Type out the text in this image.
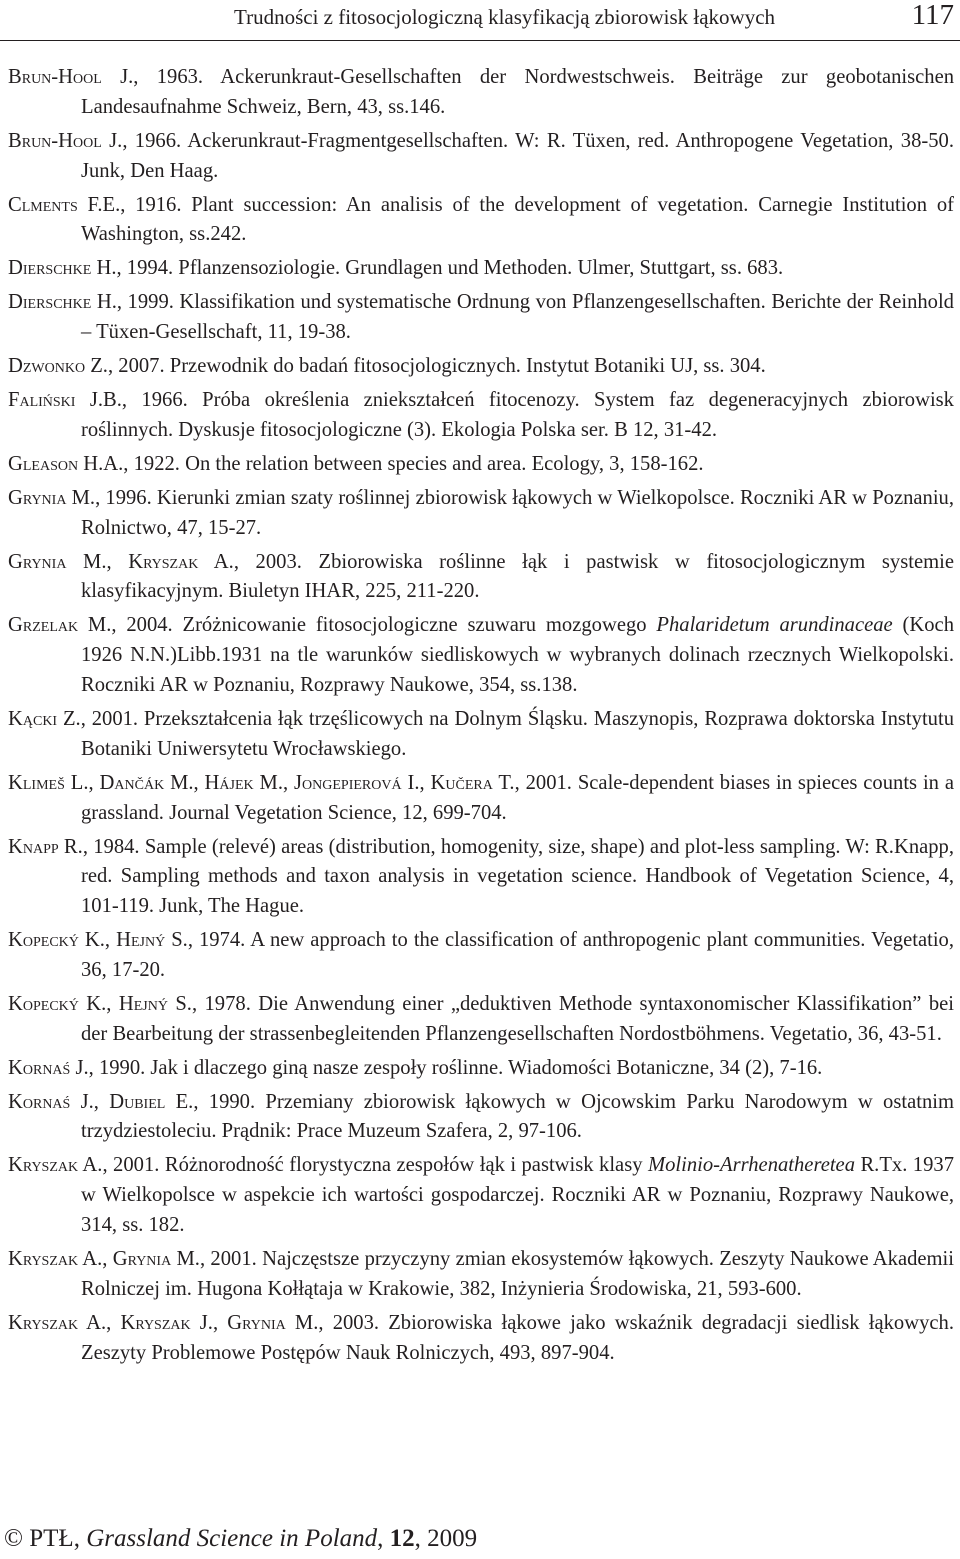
Trudności z fitosocjologiczną klasyfikacją zbiorowisk łąkowych	117
Brun-Hool J., 1963. Ackerunkraut-Gesellschaften der Nordwestschweis. Beiträge zur geobotanischen Landesaufnahme Schweiz, Bern, 43, ss.146.
Brun-Hool J., 1966. Ackerunkraut-Fragmentgesellschaften. W: R. Tüxen, red. Anthropogene Vegetation, 38-50. Junk, Den Haag.
Clments F.E., 1916. Plant succession: An analisis of the development of vegetation. Carnegie Institution of Washington, ss.242.
Dierschke H., 1994. Pflanzensoziologie. Grundlagen und Methoden. Ulmer, Stuttgart, ss. 683.
Dierschke H., 1999. Klassifikation und systematische Ordnung von Pflanzengesellschaften. Berichte der Reinhold – Tüxen-Gesellschaft, 11, 19-38.
Dzwonko Z., 2007. Przewodnik do badań fitosocjologicznych. Instytut Botaniki UJ, ss. 304.
Faliński J.B., 1966. Próba określenia zniekształceń fitocenozy. System faz degeneracyjnych zbiorowisk roślinnych. Dyskusje fitosocjologiczne (3). Ekologia Polska ser. B 12, 31-42.
Gleason H.A., 1922. On the relation between species and area. Ecology, 3, 158-162.
Grynia M., 1996. Kierunki zmian szaty roślinnej zbiorowisk łąkowych w Wielkopolsce. Roczniki AR w Poznaniu, Rolnictwo, 47, 15-27.
Grynia M., Kryszak A., 2003. Zbiorowiska roślinne łąk i pastwisk w fitosocjologicznym systemie klasyfikacyjnym. Biuletyn IHAR, 225, 211-220.
Grzelak M., 2004. Zróżnicowanie fitosocjologiczne szuwaru mozgowego Phalaridetum arundinaceae (Koch 1926 N.N.)Libb.1931 na tle warunków siedliskowych w wybranych dolinach rzecznych Wielkopolski. Roczniki AR w Poznaniu, Rozprawy Naukowe, 354, ss.138.
Kącki Z., 2001. Przekształcenia łąk trzęślicowych na Dolnym Śląsku. Maszynopis, Rozprawa doktorska Instytutu Botaniki Uniwersytetu Wrocławskiego.
Klimeš L., Dančák M., Hájek M., Jongepierová I., Kučera T., 2001. Scale-dependent biases in spieces counts in a grassland. Journal Vegetation Science, 12, 699-704.
Knapp R., 1984. Sample (relevé) areas (distribution, homogenity, size, shape) and plot-less sampling. W: R.Knapp, red. Sampling methods and taxon analysis in vegetation science. Handbook of Vegetation Science, 4, 101-119. Junk, The Hague.
Kopecký K., Hejný S., 1974. A new approach to the classification of anthropogenic plant communities. Vegetatio, 36, 17-20.
Kopecký K., Hejný S., 1978. Die Anwendung einer „deduktiven Methode syntaxonomischer Klassifikation” bei der Bearbeitung der strassenbegleitenden Pflanzengesellschaften Nordostböhmens. Vegetatio, 36, 43-51.
Kornaś J., 1990. Jak i dlaczego giną nasze zespoły roślinne. Wiadomości Botaniczne, 34 (2), 7-16.
Kornaś J., Dubiel E., 1990. Przemiany zbiorowisk łąkowych w Ojcowskim Parku Narodowym w ostatnim trzydziestoleciu. Prądnik: Prace Muzeum Szafera, 2, 97-106.
Kryszak A., 2001. Różnorodność florystyczna zespołów łąk i pastwisk klasy Molinio-Arrhenatheretea R.Tx. 1937 w Wielkopolsce w aspekcie ich wartości gospodarczej. Roczniki AR w Poznaniu, Rozprawy Naukowe, 314, ss. 182.
Kryszak A., Grynia M., 2001. Najczęstsze przyczyny zmian ekosystemów łąkowych. Zeszyty Naukowe Akademii Rolniczej im. Hugona Kołłątaja w Krakowie, 382, Inżynieria Środowiska, 21, 593-600.
Kryszak A., Kryszak J., Grynia M., 2003. Zbiorowiska łąkowe jako wskaźnik degradacji siedlisk łąkowych. Zeszyty Problemowe Postępów Nauk Rolniczych, 493, 897-904.
© PTŁ, Grassland Science in Poland, 12, 2009
